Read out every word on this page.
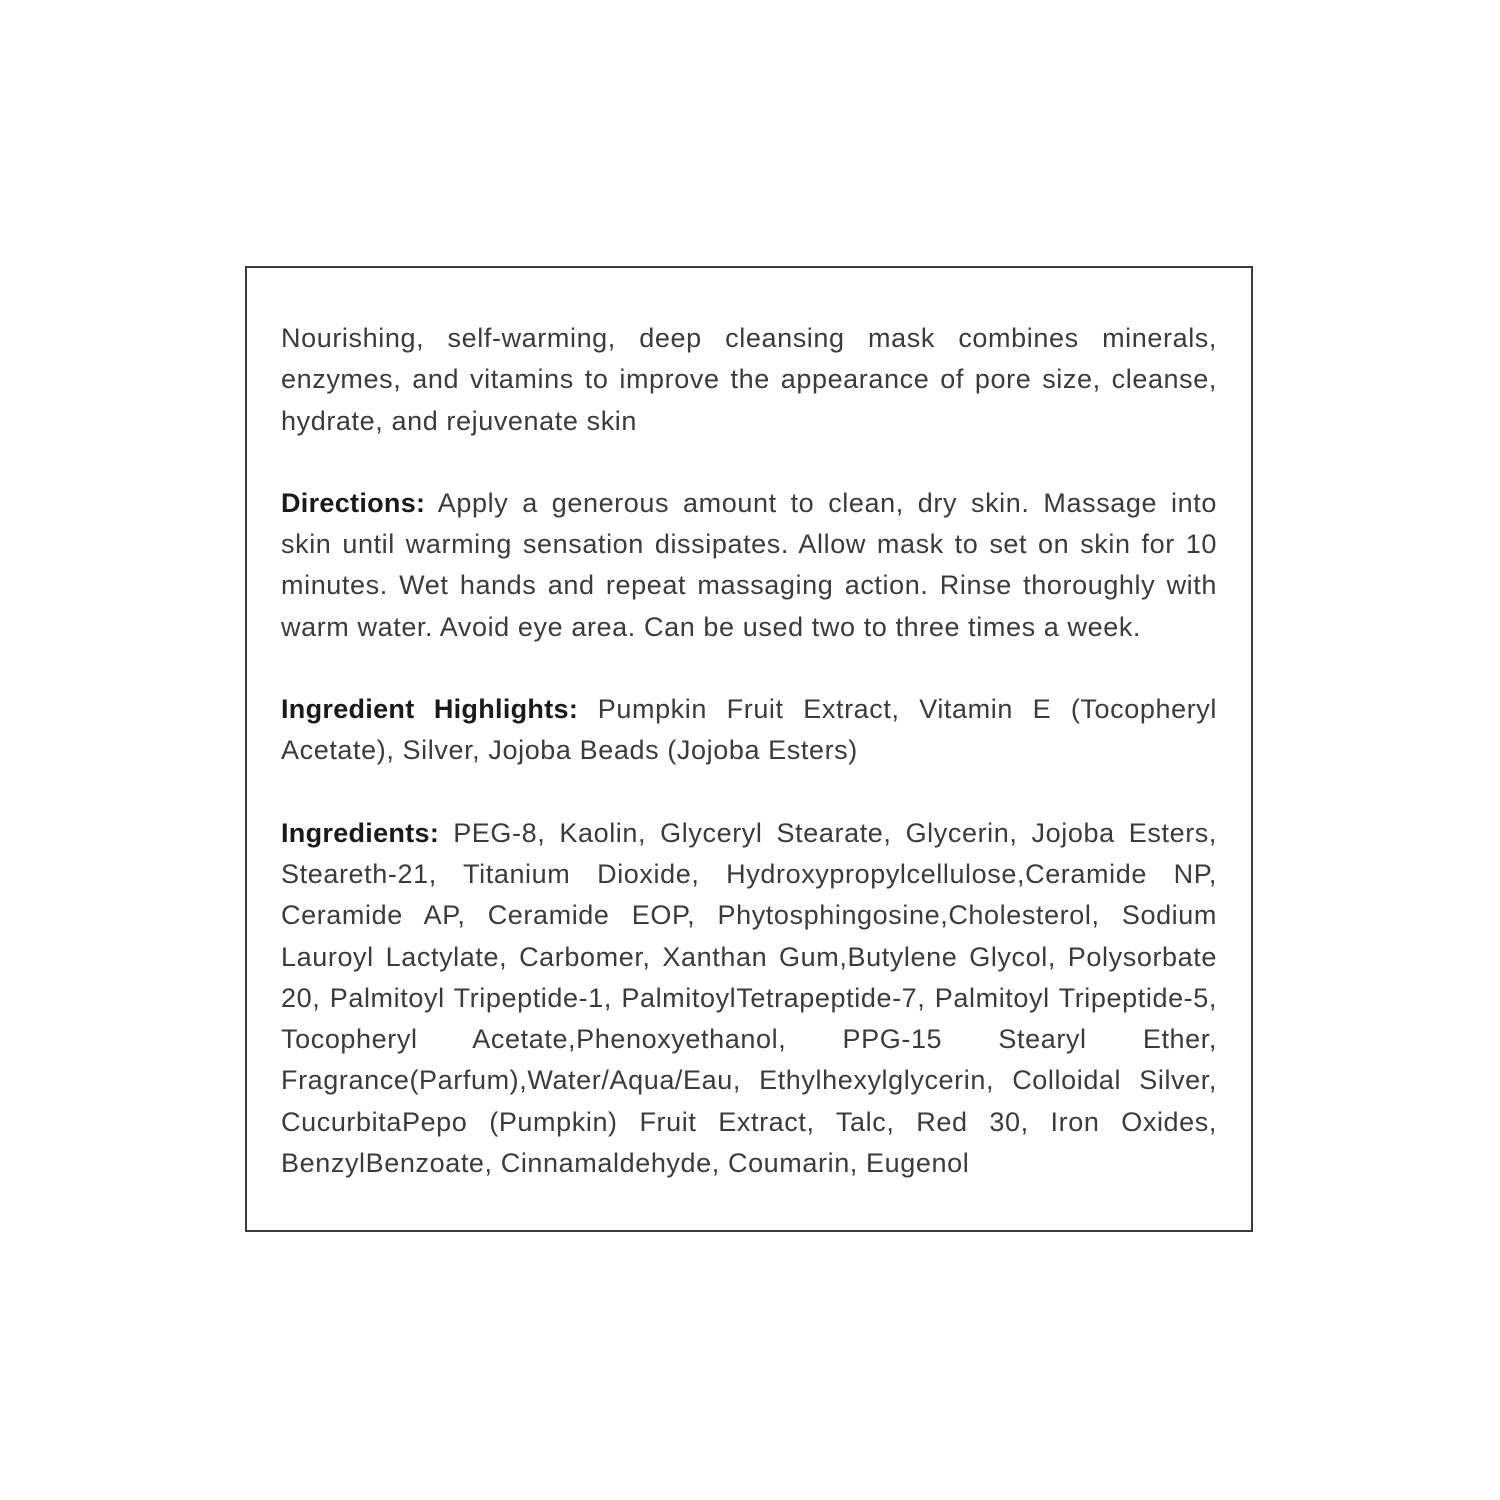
Nourishing, self-warming, deep cleansing mask combines minerals, enzymes, and vitamins to improve the appearance of pore size, cleanse, hydrate, and rejuvenate skin

Directions: Apply a generous amount to clean, dry skin. Massage into skin until warming sensation dissipates. Allow mask to set on skin for 10 minutes. Wet hands and repeat massaging action. Rinse thoroughly with warm water. Avoid eye area. Can be used two to three times a week.

Ingredient Highlights: Pumpkin Fruit Extract, Vitamin E (Tocopheryl Acetate), Silver, Jojoba Beads (Jojoba Esters)

Ingredients: PEG-8, Kaolin, Glyceryl Stearate, Glycerin, Jojoba Esters, Steareth-21, Titanium Dioxide, Hydroxypropylcellulose,Ceramide NP, Ceramide AP, Ceramide EOP, Phytosphingosine,Cholesterol, Sodium Lauroyl Lactylate, Carbomer, Xanthan Gum,Butylene Glycol, Polysorbate 20, Palmitoyl Tripeptide-1, PalmitoylTetrapeptide-7, Palmitoyl Tripeptide-5, Tocopheryl Acetate,Phenoxyethanol, PPG-15 Stearyl Ether, Fragrance(Parfum),Water/Aqua/Eau, Ethylhexylglycerin, Colloidal Silver, CucurbitaPepo (Pumpkin) Fruit Extract, Talc, Red 30, Iron Oxides, BenzylBenzoate, Cinnamaldehyde, Coumarin, Eugenol
